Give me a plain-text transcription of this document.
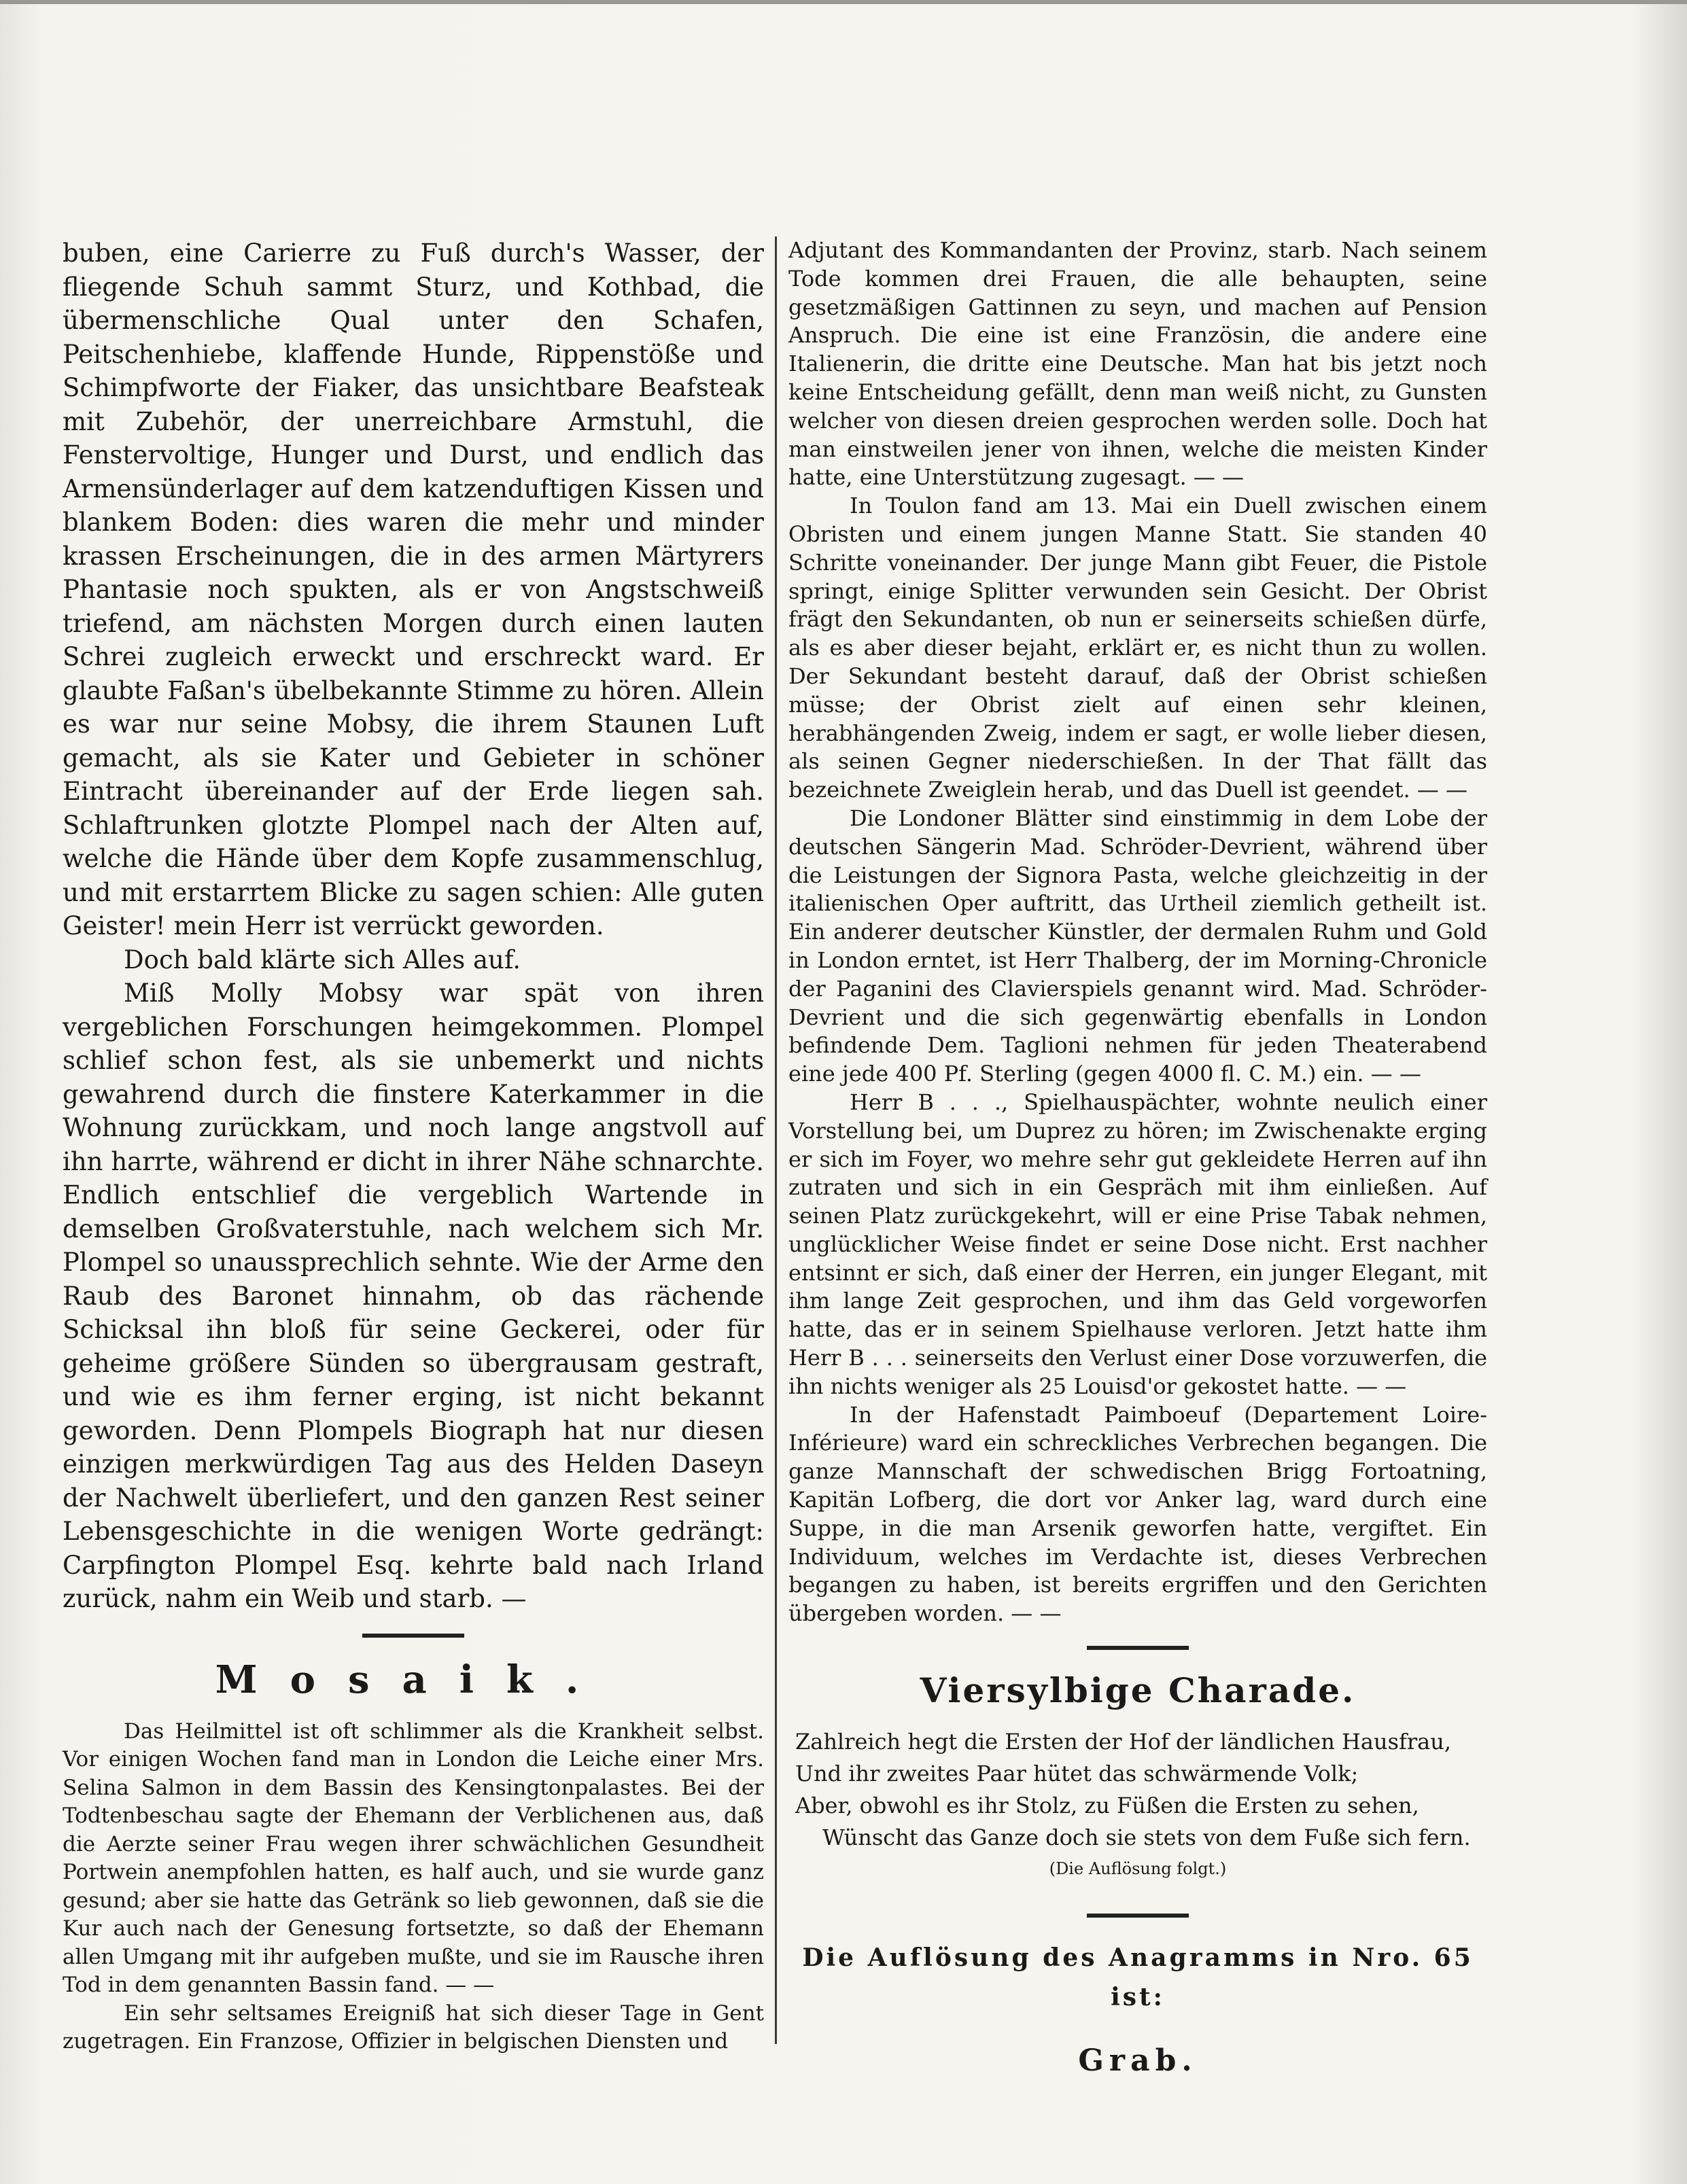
buben, eine Carierre zu Fuß durch's Wasser, der fliegende Schuh sammt Sturz, und Kothbad, die übermenschliche Qual unter den Schafen, Peitschenhiebe, klaffende Hunde, Rippenstöße und Schimpfworte der Fiaker, das unsichtbare Beafsteak mit Zubehör, der unerreichbare Armstuhl, die Fenstervoltige, Hunger und Durst, und endlich das Armensünderlager auf dem katzenduftigen Kissen und blankem Boden: dies waren die mehr und minder krassen Erscheinungen, die in des armen Märtyrers Phantasie noch spukten, als er von Angstschweiß triefend, am nächsten Morgen durch einen lauten Schrei zugleich erweckt und erschreckt ward. Er glaubte Faßan's übelbekannte Stimme zu hören. Allein es war nur seine Mobsy, die ihrem Staunen Luft gemacht, als sie Kater und Gebieter in schöner Eintracht übereinander auf der Erde liegen sah. Schlaftrunken glotzte Plompel nach der Alten auf, welche die Hände über dem Kopfe zusammenschlug, und mit erstarrtem Blicke zu sagen schien: Alle guten Geister! mein Herr ist verrückt geworden.

Doch bald klärte sich Alles auf.

Miß Molly Mobsy war spät von ihren vergeblichen Forschungen heimgekommen. Plompel schlief schon fest, als sie unbemerkt und nichts gewahrend durch die finstere Katerkammer in die Wohnung zurückkam, und noch lange angstvoll auf ihn harrte, während er dicht in ihrer Nähe schnarchte. Endlich entschlief die vergeblich Wartende in demselben Großvaterstuhle, nach welchem sich Mr. Plompel so unaussprechlich sehnte. Wie der Arme den Raub des Baronet hinnahm, ob das rächende Schicksal ihn bloß für seine Geckerei, oder für geheime größere Sünden so übergrausam gestraft, und wie es ihm ferner erging, ist nicht bekannt geworden. Denn Plompels Biograph hat nur diesen einzigen merkwürdigen Tag aus des Helden Daseyn der Nachwelt überliefert, und den ganzen Rest seiner Lebensgeschichte in die wenigen Worte gedrängt: Carpfington Plompel Esq. kehrte bald nach Irland zurück, nahm ein Weib und starb. —

Mosaik.

Das Heilmittel ist oft schlimmer als die Krankheit selbst. Vor einigen Wochen fand man in London die Leiche einer Mrs. Selina Salmon in dem Bassin des Kensingtonpalastes. Bei der Todtenbeschau sagte der Ehemann der Verblichenen aus, daß die Aerzte seiner Frau wegen ihrer schwächlichen Gesundheit Portwein anempfohlen hatten, es half auch, und sie wurde ganz gesund; aber sie hatte das Getränk so lieb gewonnen, daß sie die Kur auch nach der Genesung fortsetzte, so daß der Ehemann allen Umgang mit ihr aufgeben mußte, und sie im Rausche ihren Tod in dem genannten Bassin fand. — —

Ein sehr seltsames Ereigniß hat sich dieser Tage in Gent zugetragen. Ein Franzose, Offizier in belgischen Diensten und

Adjutant des Kommandanten der Provinz, starb. Nach seinem Tode kommen drei Frauen, die alle behaupten, seine gesetzmäßigen Gattinnen zu seyn, und machen auf Pension Anspruch. Die eine ist eine Französin, die andere eine Italienerin, die dritte eine Deutsche. Man hat bis jetzt noch keine Entscheidung gefällt, denn man weiß nicht, zu Gunsten welcher von diesen dreien gesprochen werden solle. Doch hat man einstweilen jener von ihnen, welche die meisten Kinder hatte, eine Unterstützung zugesagt. — —

In Toulon fand am 13. Mai ein Duell zwischen einem Obristen und einem jungen Manne Statt. Sie standen 40 Schritte voneinander. Der junge Mann gibt Feuer, die Pistole springt, einige Splitter verwunden sein Gesicht. Der Obrist frägt den Sekundanten, ob nun er seinerseits schießen dürfe, als es aber dieser bejaht, erklärt er, es nicht thun zu wollen. Der Sekundant besteht darauf, daß der Obrist schießen müsse; der Obrist zielt auf einen sehr kleinen, herabhängenden Zweig, indem er sagt, er wolle lieber diesen, als seinen Gegner niederschießen. In der That fällt das bezeichnete Zweiglein herab, und das Duell ist geendet. — —

Die Londoner Blätter sind einstimmig in dem Lobe der deutschen Sängerin Mad. Schröder-Devrient, während über die Leistungen der Signora Pasta, welche gleichzeitig in der italienischen Oper auftritt, das Urtheil ziemlich getheilt ist. Ein anderer deutscher Künstler, der dermalen Ruhm und Gold in London erntet, ist Herr Thalberg, der im Morning-Chronicle der Paganini des Clavierspiels genannt wird. Mad. Schröder-Devrient und die sich gegenwärtig ebenfalls in London befindende Dem. Taglioni nehmen für jeden Theaterabend eine jede 400 Pf. Sterling (gegen 4000 fl. C. M.) ein. — —

Herr B . . ., Spielhauspächter, wohnte neulich einer Vorstellung bei, um Duprez zu hören; im Zwischenakte erging er sich im Foyer, wo mehre sehr gut gekleidete Herren auf ihn zutraten und sich in ein Gespräch mit ihm einließen. Auf seinen Platz zurückgekehrt, will er eine Prise Tabak nehmen, unglücklicher Weise findet er seine Dose nicht. Erst nachher entsinnt er sich, daß einer der Herren, ein junger Elegant, mit ihm lange Zeit gesprochen, und ihm das Geld vorgeworfen hatte, das er in seinem Spielhause verloren. Jetzt hatte ihm Herr B . . . seinerseits den Verlust einer Dose vorzuwerfen, die ihn nichts weniger als 25 Louisd'or gekostet hatte. — —

In der Hafenstadt Paimboeuf (Departement Loire-Inférieure) ward ein schreckliches Verbrechen begangen. Die ganze Mannschaft der schwedischen Brigg Fortoatning, Kapitän Lofberg, die dort vor Anker lag, ward durch eine Suppe, in die man Arsenik geworfen hatte, vergiftet. Ein Individuum, welches im Verdachte ist, dieses Verbrechen begangen zu haben, ist bereits ergriffen und den Gerichten übergeben worden. — —

Viersylbige Charade.
Zahlreich hegt die Ersten der Hof der ländlichen Hausfrau,
Und ihr zweites Paar hütet das schwärmende Volk;
Aber, obwohl es ihr Stolz, zu Füßen die Ersten zu sehen,
Wünscht das Ganze doch sie stets von dem Fuße sich fern.
(Die Auflösung folgt.)
Die Auflösung des Anagramms in Nro. 65
ist:
Grab.
